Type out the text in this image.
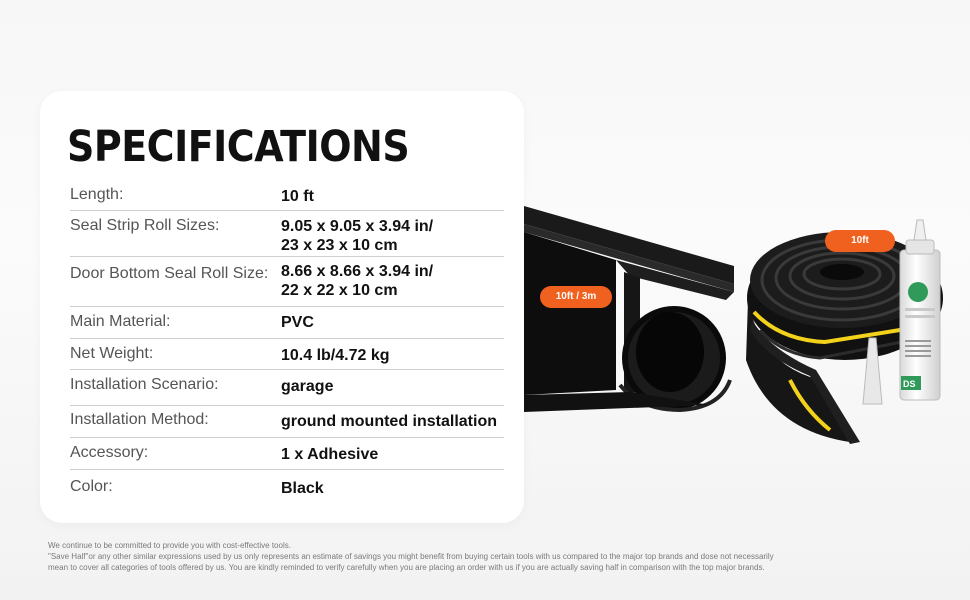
SPECIFICATIONS
Length:	10 ft
Seal Strip Roll Sizes:	9.05 x 9.05 x 3.94 in/
23 x 23 x 10 cm
Door Bottom Seal Roll Size: 8.66 x 8.66 x 3.94 in/
22 x 22 x 10 cm
Main Material:	PVC
Net Weight:	10.4 lb/4.72 kg
Installation Scenario:	garage
Installation Method:	ground mounted installation
Accessory:	1 x Adhesive
Color:	Black
DS
10ft / 3m
10ft
We continue to be committed to provide you with cost-effective tools.
"Save Half"or any other similar expressions used by us only represents an estimate of savings you might benefit from buying certain tools with us compared to the major top brands and dose not necessarily
mean to cover all categories of tools offered by us. You are kindly reminded to verify carefully when you are placing an order with us if you are actually saving half in comparison with the top major brands.
